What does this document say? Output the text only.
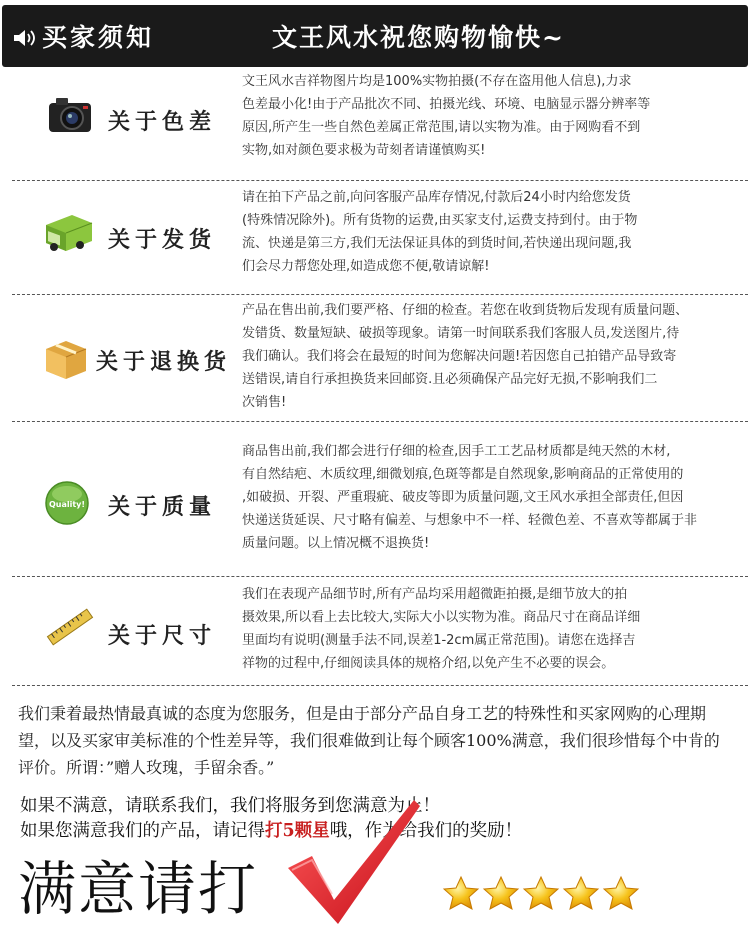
买家须知	文王风水祝您购物愉快~
关于色差
文王风水吉祥物图片均是100%实物拍摄(不存在盗用他人信息),力求
色差最小化!由于产品批次不同、拍摄光线、环境、电脑显示器分辨率等
原因,所产生一些自然色差属正常范围,请以实物为准。由于网购看不到
实物,如对颜色要求极为苛刻者请谨慎购买!
关于发货
请在拍下产品之前,向问客服产品库存情况,付款后24小时内给您发货
(特殊情况除外)。所有货物的运费,由买家支付,运费支持到付。由于物
流、快递是第三方,我们无法保证具体的到货时间,若快递出现问题,我
们会尽力帮您处理,如造成您不便,敬请谅解!
关于退换货
产品在售出前,我们要严格、仔细的检查。若您在收到货物后发现有质量问题、
发错货、数量短缺、破损等现象。请第一时间联系我们客服人员,发送图片,待
我们确认。我们将会在最短的时间为您解决问题!若因您自己拍错产品导致寄
送错误,请自行承担换货来回邮资.且必须确保产品完好无损,不影响我们二
次销售!
Quality! 关于质量
商品售出前,我们都会进行仔细的检查,因手工工艺品材质都是纯天然的木材,
有自然结疤、木质纹理,细微划痕,色斑等都是自然现象,影响商品的正常使用的
,如破损、开裂、严重瑕疵、破皮等即为质量问题,文王风水承担全部责任,但因
快递送货延误、尺寸略有偏差、与想象中不一样、轻微色差、不喜欢等都属于非
质量问题。以上情况概不退换货!
关于尺寸
我们在表现产品细节时,所有产品均采用超微距拍摄,是细节放大的拍
摄效果,所以看上去比较大,实际大小以实物为准。商品尺寸在商品详细
里面均有说明(测量手法不同,误差1-2cm属正常范围)。请您在选择吉
祥物的过程中,仔细阅读具体的规格介绍,以免产生不必要的误会。
我们秉着最热情最真诚的态度为您服务，但是由于部分产品自身工艺的特殊性和买家网购的心理期望，以及买家审美标准的个性差异等，我们很难做到让每个顾客100%满意，我们很珍惜每个中肯的评价。所谓：”赠人玫瑰，手留余香。”
如果不满意，请联系我们，我们将服务到您满意为止！
如果您满意我们的产品，请记得打5颗星哦，作为给我们的奖励！
满意请打
